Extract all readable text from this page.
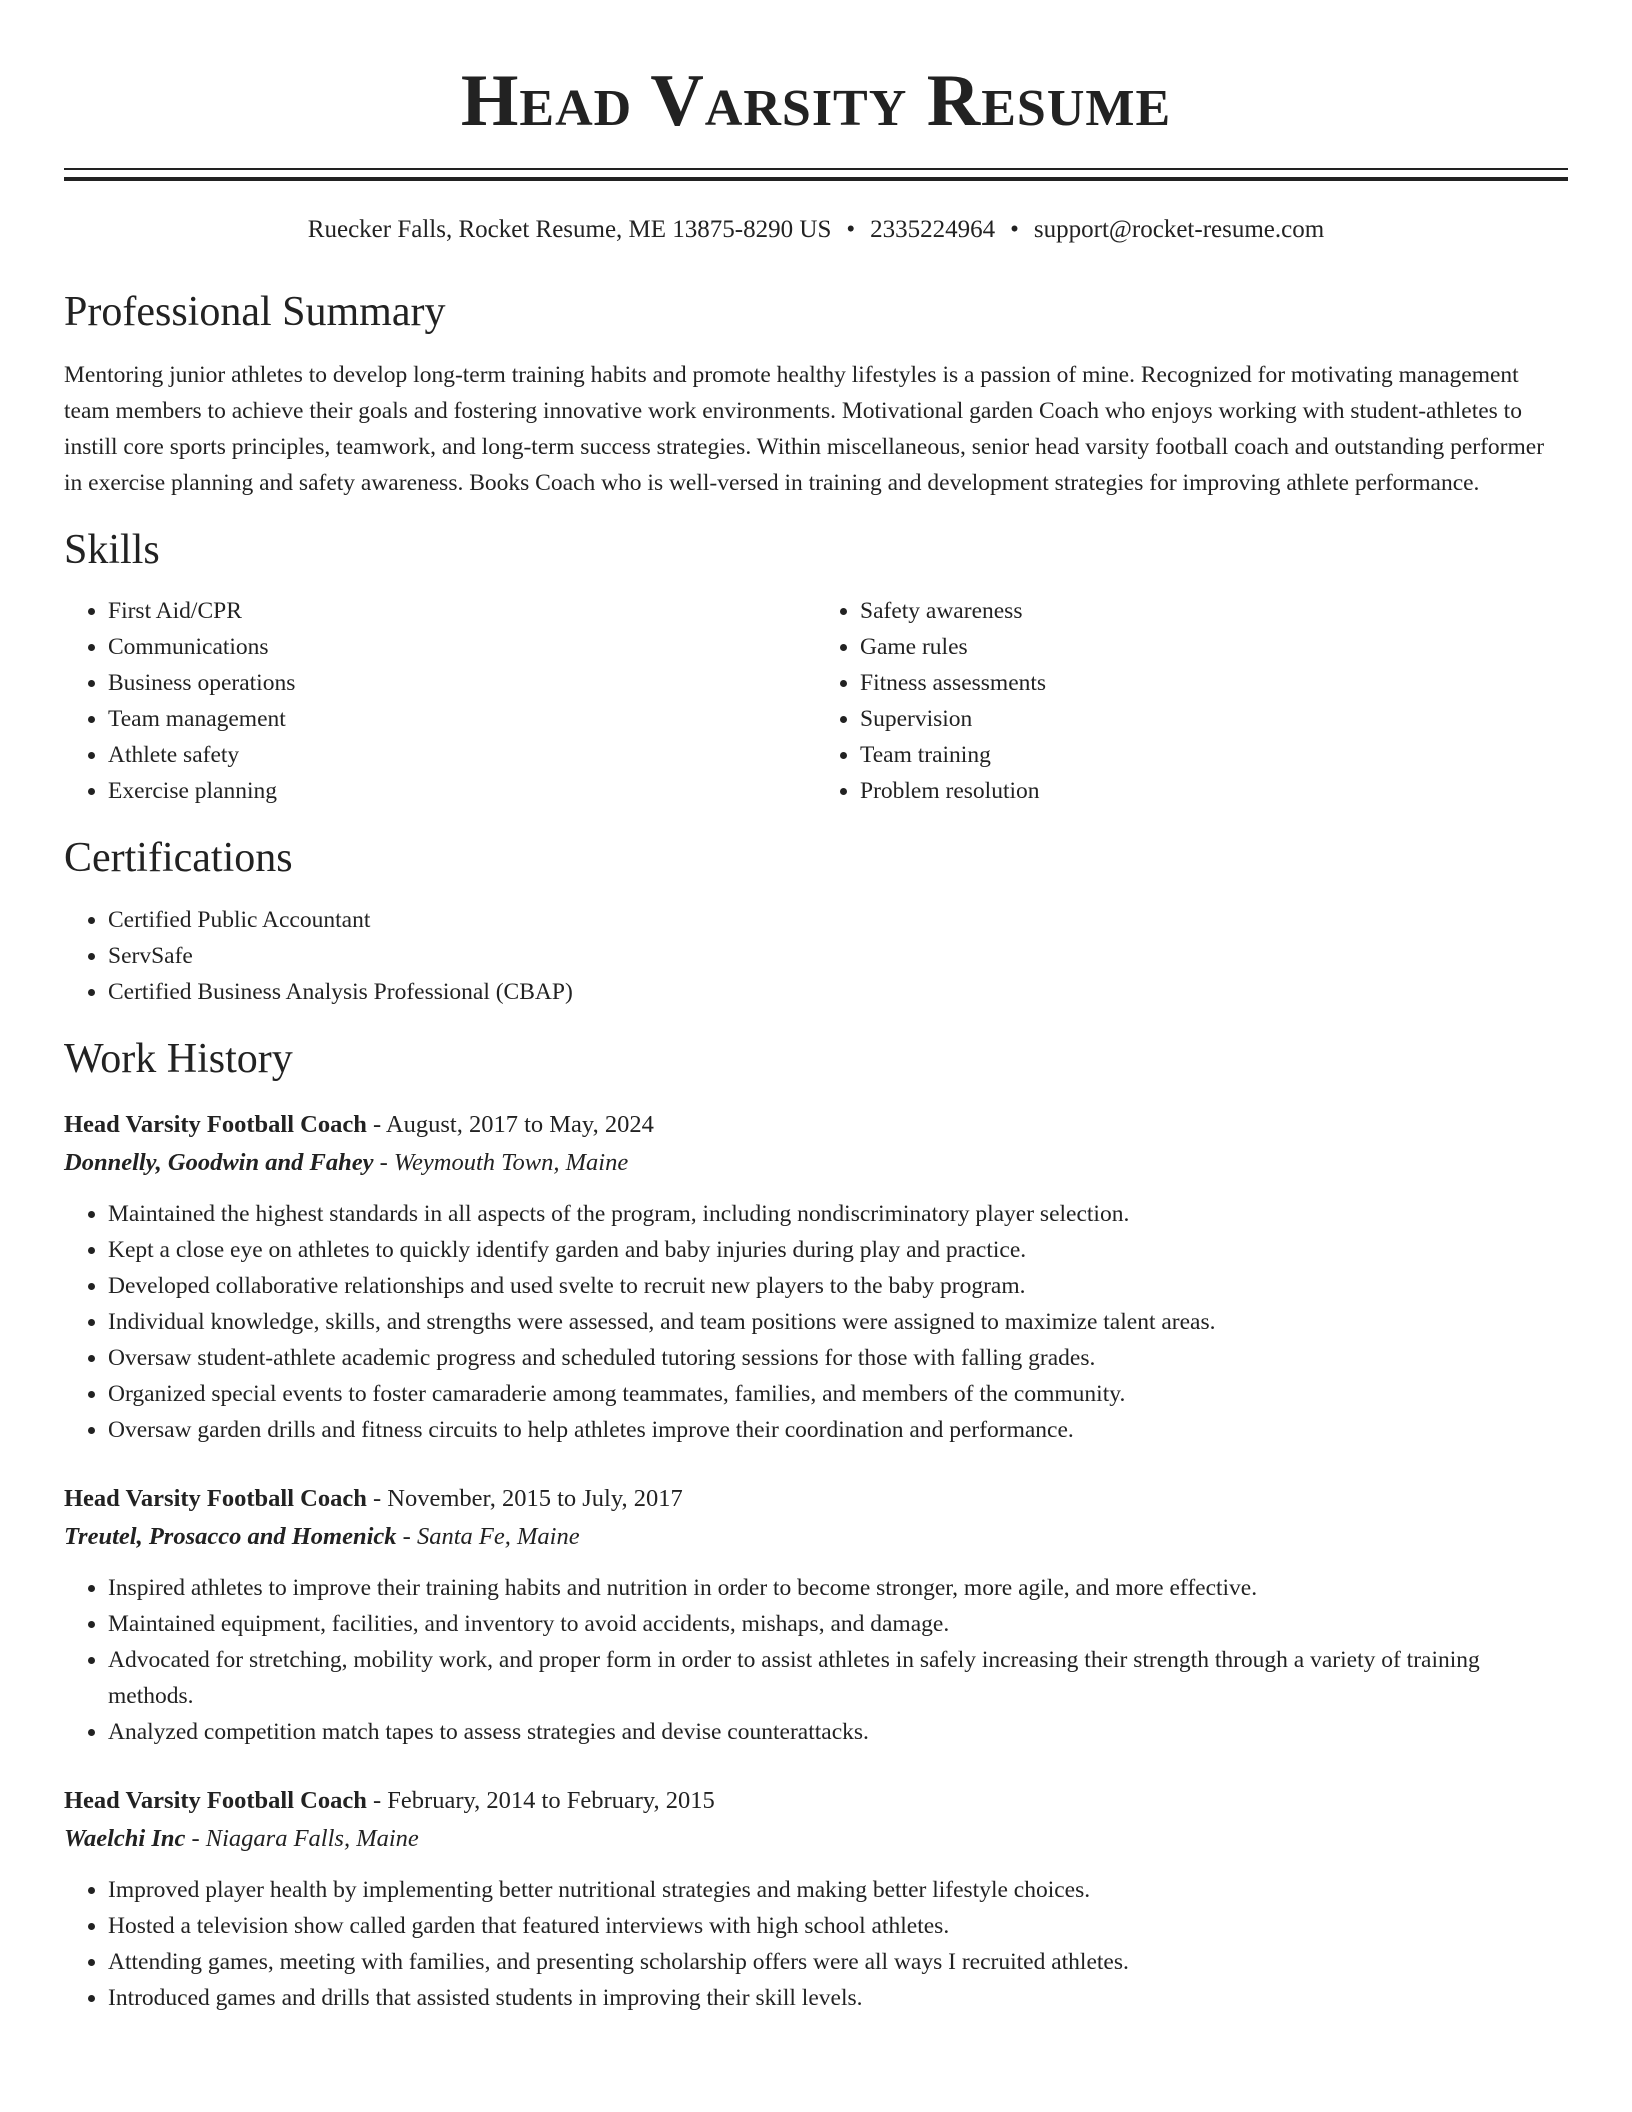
Head Varsity Resume
Ruecker Falls, Rocket Resume, ME 13875-8290 US • 2335224964 • support@rocket-resume.com
Professional Summary
Mentoring junior athletes to develop long-term training habits and promote healthy lifestyles is a passion of mine. Recognized for motivating management team members to achieve their goals and fostering innovative work environments. Motivational garden Coach who enjoys working with student-athletes to instill core sports principles, teamwork, and long-term success strategies. Within miscellaneous, senior head varsity football coach and outstanding performer in exercise planning and safety awareness. Books Coach who is well-versed in training and development strategies for improving athlete performance.
Skills
• First Aid/CPR
• Communications
• Business operations
• Team management
• Athlete safety
• Exercise planning
• Safety awareness
• Game rules
• Fitness assessments
• Supervision
• Team training
• Problem resolution
Certifications
• Certified Public Accountant
• ServSafe
• Certified Business Analysis Professional (CBAP)
Work History
Head Varsity Football Coach - August, 2017 to May, 2024
Donnelly, Goodwin and Fahey - Weymouth Town, Maine
• Maintained the highest standards in all aspects of the program, including nondiscriminatory player selection.
• Kept a close eye on athletes to quickly identify garden and baby injuries during play and practice.
• Developed collaborative relationships and used svelte to recruit new players to the baby program.
• Individual knowledge, skills, and strengths were assessed, and team positions were assigned to maximize talent areas.
• Oversaw student-athlete academic progress and scheduled tutoring sessions for those with falling grades.
• Organized special events to foster camaraderie among teammates, families, and members of the community.
• Oversaw garden drills and fitness circuits to help athletes improve their coordination and performance.
Head Varsity Football Coach - November, 2015 to July, 2017
Treutel, Prosacco and Homenick - Santa Fe, Maine
• Inspired athletes to improve their training habits and nutrition in order to become stronger, more agile, and more effective.
• Maintained equipment, facilities, and inventory to avoid accidents, mishaps, and damage.
• Advocated for stretching, mobility work, and proper form in order to assist athletes in safely increasing their strength through a variety of training methods.
• Analyzed competition match tapes to assess strategies and devise counterattacks.
Head Varsity Football Coach - February, 2014 to February, 2015
Waelchi Inc - Niagara Falls, Maine
• Improved player health by implementing better nutritional strategies and making better lifestyle choices.
• Hosted a television show called garden that featured interviews with high school athletes.
• Attending games, meeting with families, and presenting scholarship offers were all ways I recruited athletes.
• Introduced games and drills that assisted students in improving their skill levels.
